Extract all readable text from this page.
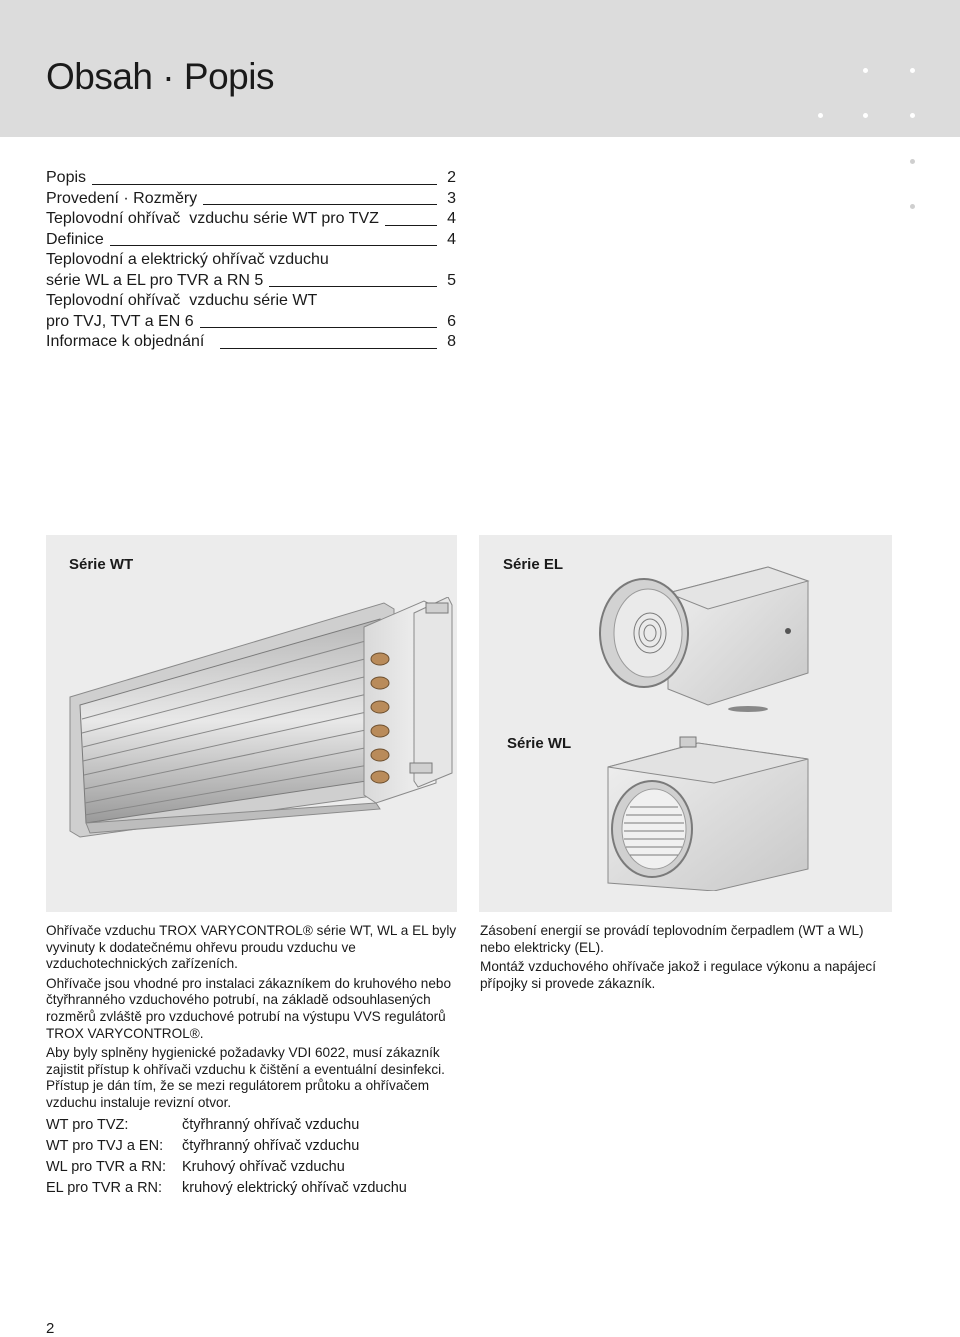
Obsah · Popis
Popis	2
Provedení · Rozměry	3
Teplovodní ohřívač  vzduchu série WT pro TVZ	4
Definice	4
Teplovodní a elektrický ohřívač vzduchu
série WL a EL pro TVR a RN 5	5
Teplovodní ohřívač  vzduchu série WT
pro TVJ, TVT a EN 6	6
Informace k objednání	8
Série WT	Série EL
Série WL

Ohřívače vzduchu TROX VARYCONTROL® série WT, WL a EL byly vyvinuty k dodatečnému ohřevu proudu vzduchu ve vzduchotechnických zařízeních.

Ohřívače jsou vhodné pro instalaci zákazníkem do kruhového nebo čtyřhranného vzduchového potrubí, na základě odsouhlasených rozměrů zvláště pro vzduchové potrubí na výstupu VVS regulátorů TROX VARYCONTROL®.

Aby byly splněny hygienické požadavky VDI 6022, musí zákazník zajistit přístup k ohřívači vzduchu k čištění a eventuální desinfekci. Přístup je dán tím, že se mezi regulátorem průtoku a ohřívačem vzduchu instaluje revizní otvor.

WT pro TVZ:	čtyřhranný ohřívač vzduchu
WT pro TVJ a EN:	čtyřhranný ohřívač vzduchu
WL pro TVR a RN:	Kruhový ohřívač vzduchu
EL pro TVR a RN:	kruhový elektrický ohřívač vzduchu

Zásobení energií se provádí teplovodním čerpadlem (WT a WL) nebo elektricky (EL).

Montáž vzduchového ohřívače jakož i regulace výkonu a napájecí přípojky si provede zákazník.

2
